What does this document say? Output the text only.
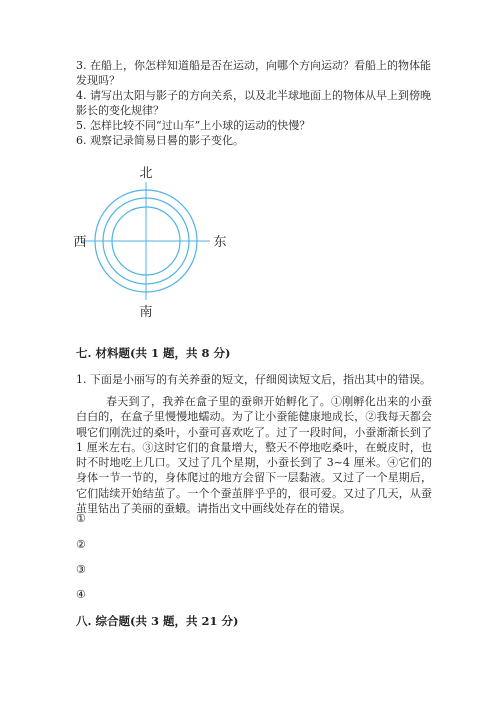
3. 在船上，你怎样知道船是否在运动，向哪个方向运动？看船上的物体能发现吗？

4. 请写出太阳与影子的方向关系，以及北半球地面上的物体从早上到傍晚影长的变化规律？

5. 怎样比较不同“过山车”上小球的运动的快慢？

6. 观察记录简易日晷的影子变化。

北
南
西	东
七. 材料题(共 1 题，共 8 分)
1. 下面是小丽写的有关养蚕的短文，仔细阅读短文后，指出其中的错误。

春天到了，我养在盒子里的蚕卵开始孵化了。①刚孵化出来的小蚕白白的，在盒子里慢慢地蠕动。为了让小蚕能健康地成长，②我每天都会喂它们刚洗过的桑叶，小蚕可喜欢吃了。过了一段时间，小蚕渐渐长到了 1 厘米左右。③这时它们的食量增大，整天不停地吃桑叶，在蜕皮时，也时不时地吃上几口。又过了几个星期，小蚕长到了 3~4 厘米。④它们的身体一节一节的，身体爬过的地方会留下一层黏液。又过了一个星期后，它们陆续开始结茧了。一个个蚕茧胖乎乎的，很可爱。又过了几天，从蚕茧里钻出了美丽的蚕蛾。请指出文中画线处存在的错误。

①
②
③
④
八. 综合题(共 3 题，共 21 分)
